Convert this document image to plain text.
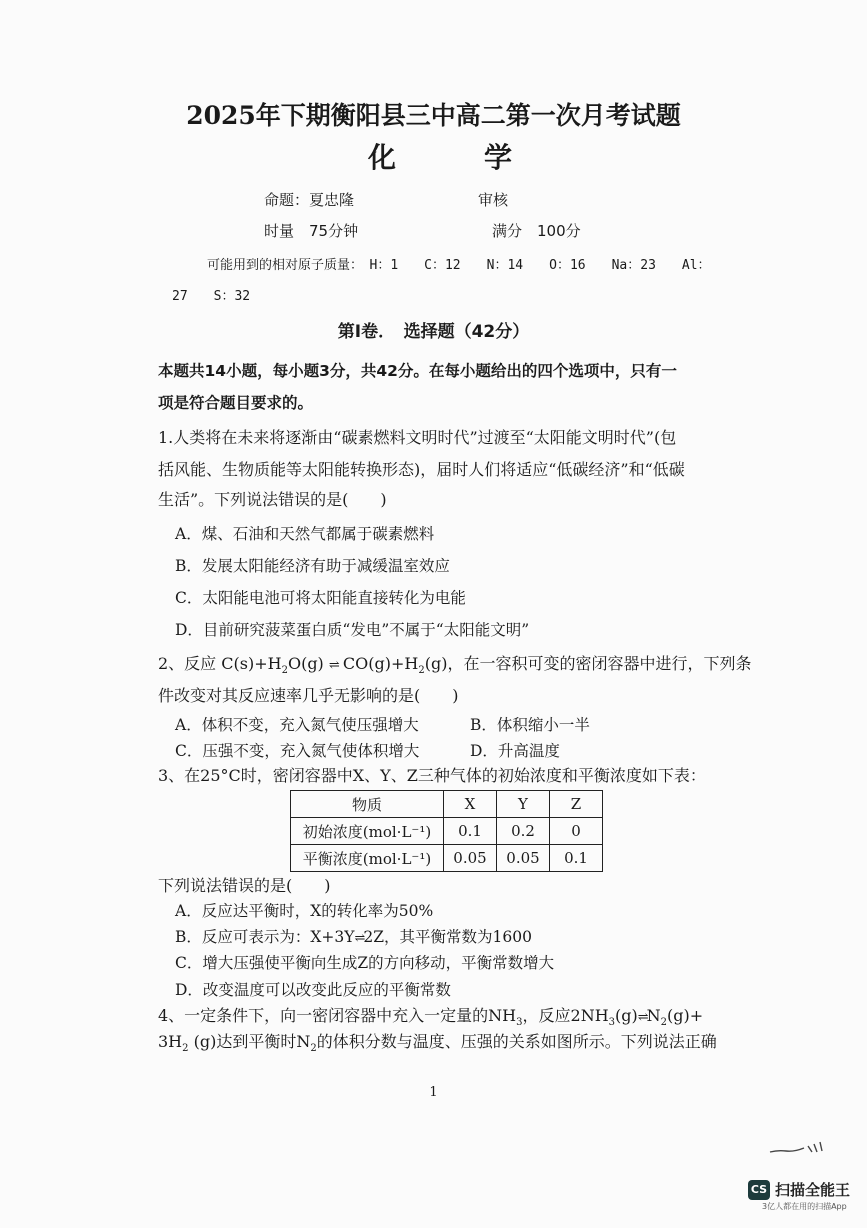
2025年下期衡阳县三中高二第一次月考试题
化	学
命题：夏忠隆	审核
时量　75分钟	满分　100分
可能用到的相对原子质量：　H：1　　C：12　　N：14　　O：16　　Na：23　　Al：
27　　S：32
第Ⅰ卷．　选择题（42分）
本题共14小题，每小题3分，共42分。在每小题给出的四个选项中，只有一
项是符合题目要求的。
1.人类将在未来将逐渐由“碳素燃料文明时代”过渡至“太阳能文明时代”(包
括风能、生物质能等太阳能转换形态)，届时人们将适应“低碳经济”和“低碳
生活”。下列说法错误的是(　　)
A．煤、石油和天然气都属于碳素燃料
B．发展太阳能经济有助于减缓温室效应
C．太阳能电池可将太阳能直接转化为电能
D．目前研究菠菜蛋白质“发电”不属于“太阳能文明”
2、反应 $C(s)+H_2O(g)$ ⇌ $CO(g)+H_2(g)$，在一容积可变的密闭容器中进行，下列条
件改变对其反应速率几乎无影响的是(　　)
A．体积不变，充入氮气使压强增大	B．体积缩小一半
C．压强不变，充入氮气使体积增大	D．升高温度
3、在25°C时，密闭容器中X、Y、Z三种气体的初始浓度和平衡浓度如下表：
物质	X	Y	Z
初始浓度(mol·L⁻¹)	0.1	0.2	0
平衡浓度(mol·L⁻¹)	0.05	0.05	0.1
下列说法错误的是(　　)
A．反应达平衡时，X的转化率为50%
B．反应可表示为：X+3Y⇌2Z，其平衡常数为1600
C．增大压强使平衡向生成Z的方向移动，平衡常数增大
D．改变温度可以改变此反应的平衡常数
4、一定条件下，向一密闭容器中充入一定量的$NH_3$，反应$2NH_3(g)\rightleftharpoons N_2(g)+$
$3H_2$ (g)达到平衡时$N_2$的体积分数与温度、压强的关系如图所示。下列说法正确
1
CS 扫描全能王
3亿人都在用的扫描App
